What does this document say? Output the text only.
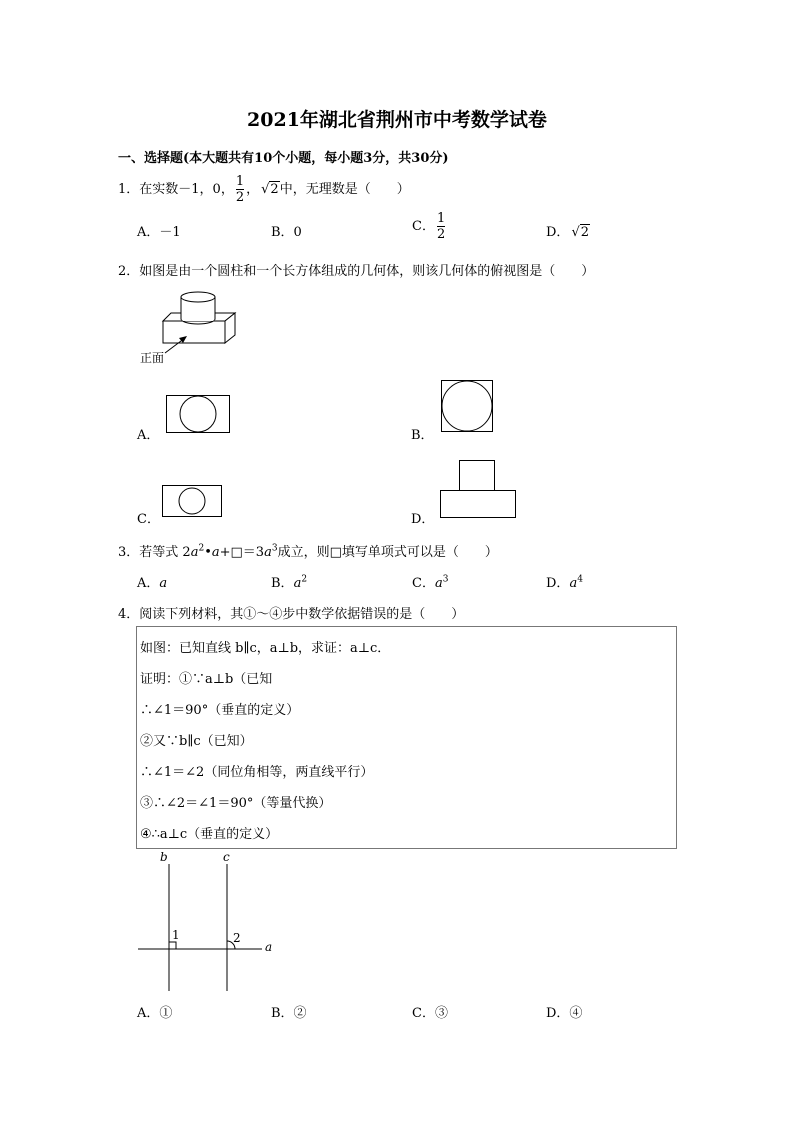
2021年湖北省荆州市中考数学试卷
一、选择题(本大题共有10个小题，每小题3分，共30分)
1．在实数－1，0， $\frac{1}{2}$ ， √2中，无理数是（　　）
A．－1	B．0	C． $\frac{1}{2}$	D． √2
2．如图是由一个圆柱和一个长方体组成的几何体，则该几何体的俯视图是（　　）
正面
A．	B．
C．	D．
3．若等式 $2a^2•a+□=3a^3$成立，则□填写单项式可以是（　　）
A．a	B．$a^2$	C．$a^3$	D．$a^4$
4．阅读下列材料，其①～④步中数学依据错误的是（　　）
如图：已知直线 b∥c，a⊥b，求证：a⊥c．
证明：①∵a⊥b（已知
∴∠1＝90°（垂直的定义）
②又∵b∥c（已知）
∴∠1＝∠2（同位角相等，两直线平行）
③∴∠2＝∠1＝90°（等量代换）
④∴a⊥c（垂直的定义）
b	c
a
1	2
A．①	B．②	C．③	D．④
